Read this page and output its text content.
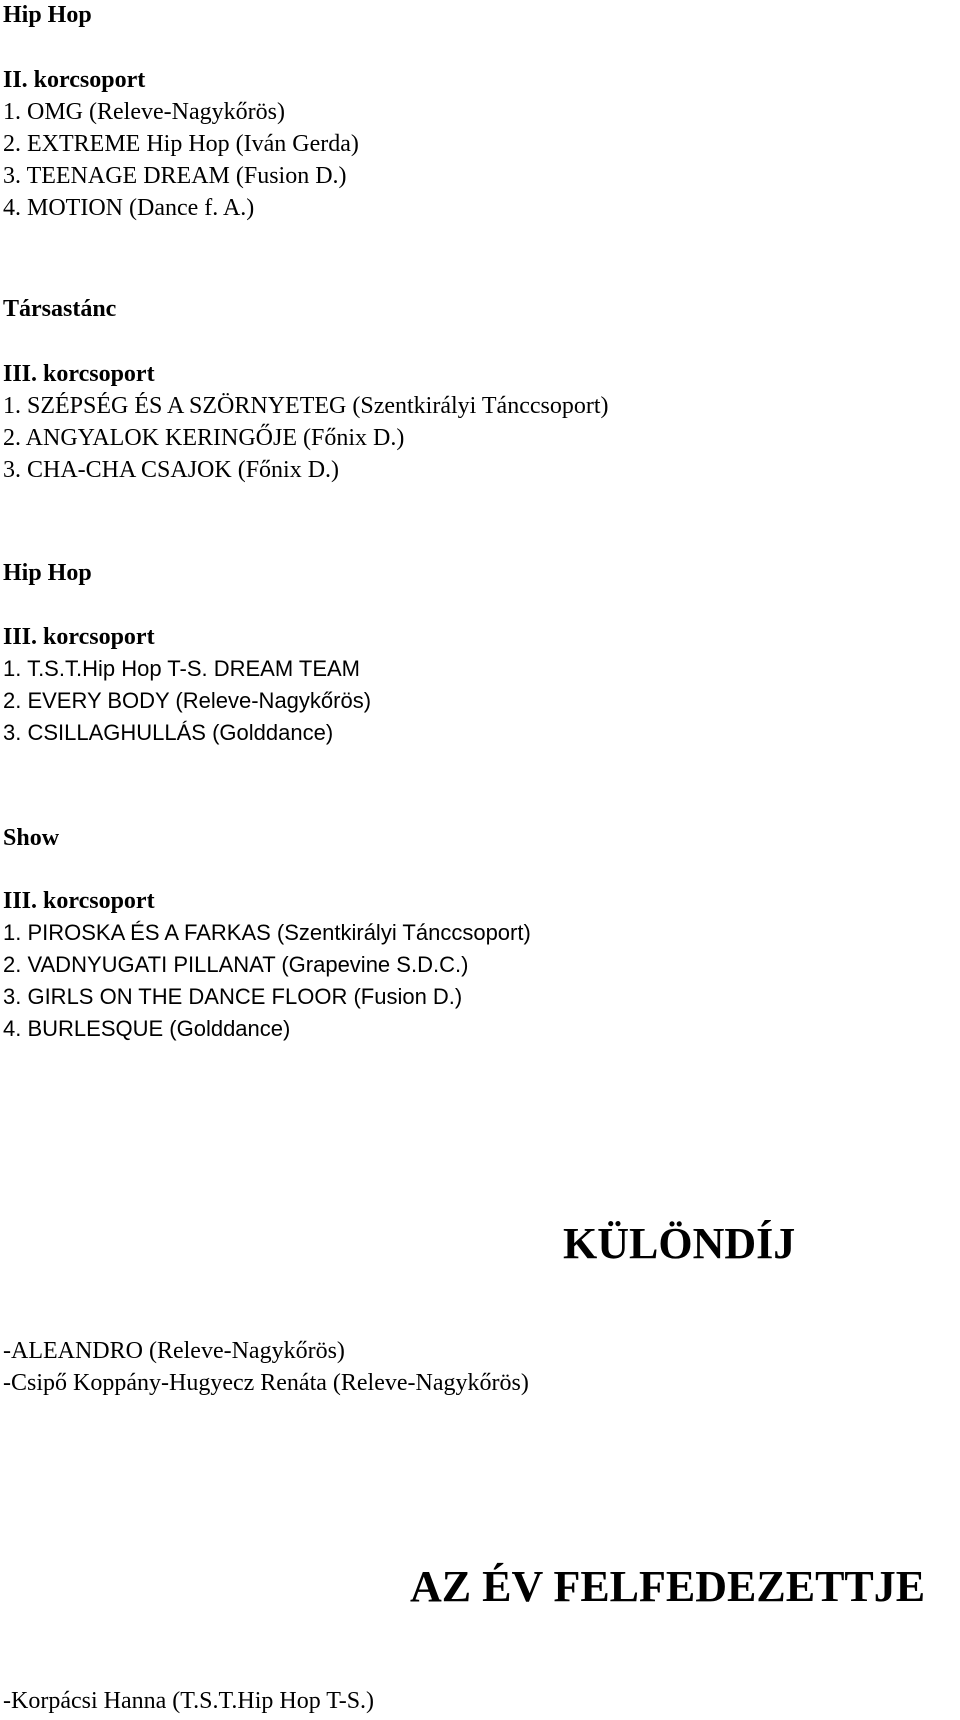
Hip Hop
II. korcsoport
1. OMG (Releve-Nagykőrös)
2. EXTREME Hip Hop (Iván Gerda)
3. TEENAGE DREAM (Fusion D.)
4. MOTION (Dance f. A.)
Társastánc
III. korcsoport
1. SZÉPSÉG ÉS A SZÖRNYETEG (Szentkirályi Tánccsoport)
2. ANGYALOK KERINGŐJE (Főnix D.)
3. CHA-CHA CSAJOK (Főnix D.)
Hip Hop
III. korcsoport
1. T.S.T.Hip Hop T-S. DREAM TEAM
2. EVERY BODY (Releve-Nagykőrös)
3. CSILLAGHULLÁS (Golddance)
Show
III. korcsoport
1. PIROSKA ÉS A FARKAS (Szentkirályi Tánccsoport)
2. VADNYUGATI PILLANAT (Grapevine S.D.C.)
3. GIRLS ON THE DANCE FLOOR (Fusion D.)
4. BURLESQUE (Golddance)
KÜLÖNDÍJ
-ALEANDRO (Releve-Nagykőrös)
-Csipő Koppány-Hugyecz Renáta (Releve-Nagykőrös)
AZ ÉV FELFEDEZETTJE
-Korpácsi Hanna (T.S.T.Hip Hop T-S.)
